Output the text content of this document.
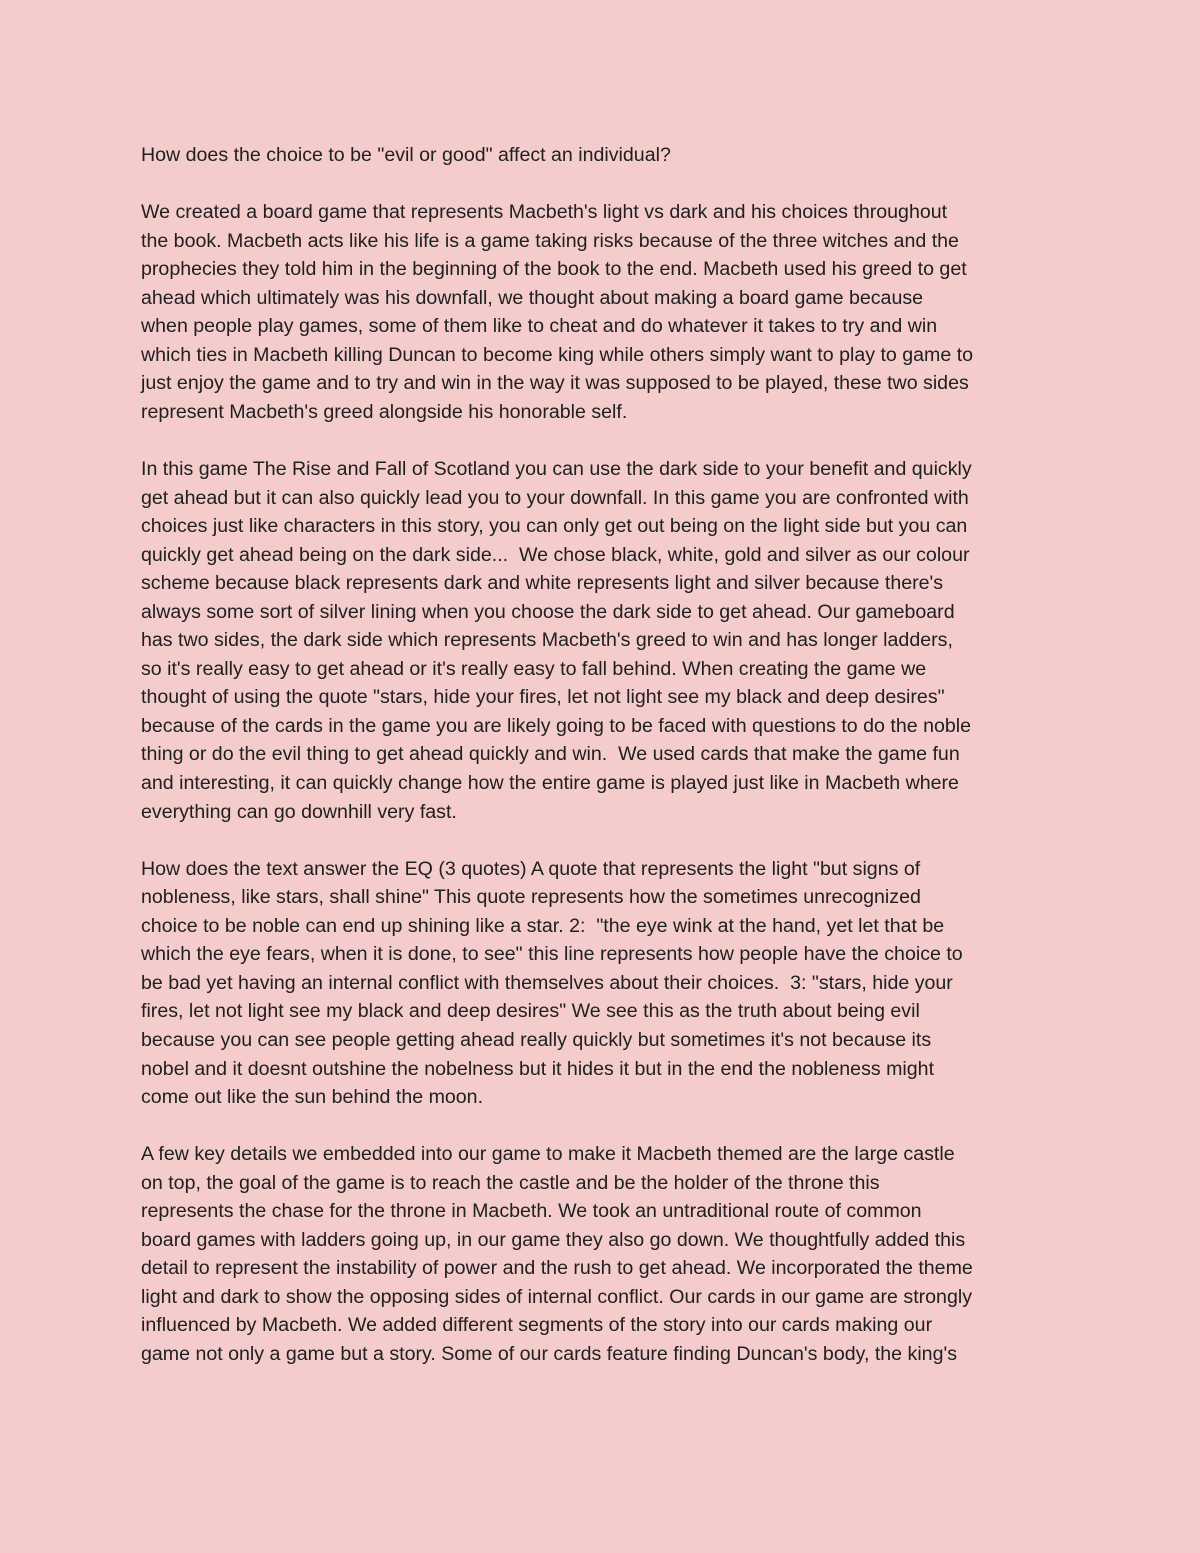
How does the choice to be "evil or good" affect an individual?
We created a board game that represents Macbeth's light vs dark and his choices throughout
the book. Macbeth acts like his life is a game taking risks because of the three witches and the
prophecies they told him in the beginning of the book to the end. Macbeth used his greed to get
ahead which ultimately was his downfall, we thought about making a board game because
when people play games, some of them like to cheat and do whatever it takes to try and win
which ties in Macbeth killing Duncan to become king while others simply want to play to game to
just enjoy the game and to try and win in the way it was supposed to be played, these two sides
represent Macbeth's greed alongside his honorable self.
In this game The Rise and Fall of Scotland you can use the dark side to your benefit and quickly
get ahead but it can also quickly lead you to your downfall. In this game you are confronted with
choices just like characters in this story, you can only get out being on the light side but you can
quickly get ahead being on the dark side...  We chose black, white, gold and silver as our colour
scheme because black represents dark and white represents light and silver because there's
always some sort of silver lining when you choose the dark side to get ahead. Our gameboard
has two sides, the dark side which represents Macbeth's greed to win and has longer ladders,
so it's really easy to get ahead or it's really easy to fall behind. When creating the game we
thought of using the quote "stars, hide your fires, let not light see my black and deep desires"
because of the cards in the game you are likely going to be faced with questions to do the noble
thing or do the evil thing to get ahead quickly and win.  We used cards that make the game fun
and interesting, it can quickly change how the entire game is played just like in Macbeth where
everything can go downhill very fast.
How does the text answer the EQ (3 quotes) A quote that represents the light "but signs of
nobleness, like stars, shall shine" This quote represents how the sometimes unrecognized
choice to be noble can end up shining like a star. 2:  "the eye wink at the hand, yet let that be
which the eye fears, when it is done, to see" this line represents how people have the choice to
be bad yet having an internal conflict with themselves about their choices.  3: "stars, hide your
fires, let not light see my black and deep desires" We see this as the truth about being evil
because you can see people getting ahead really quickly but sometimes it's not because its
nobel and it doesnt outshine the nobelness but it hides it but in the end the nobleness might
come out like the sun behind the moon.
A few key details we embedded into our game to make it Macbeth themed are the large castle
on top, the goal of the game is to reach the castle and be the holder of the throne this
represents the chase for the throne in Macbeth. We took an untraditional route of common
board games with ladders going up, in our game they also go down. We thoughtfully added this
detail to represent the instability of power and the rush to get ahead. We incorporated the theme
light and dark to show the opposing sides of internal conflict. Our cards in our game are strongly
influenced by Macbeth. We added different segments of the story into our cards making our
game not only a game but a story. Some of our cards feature finding Duncan's body, the king's
